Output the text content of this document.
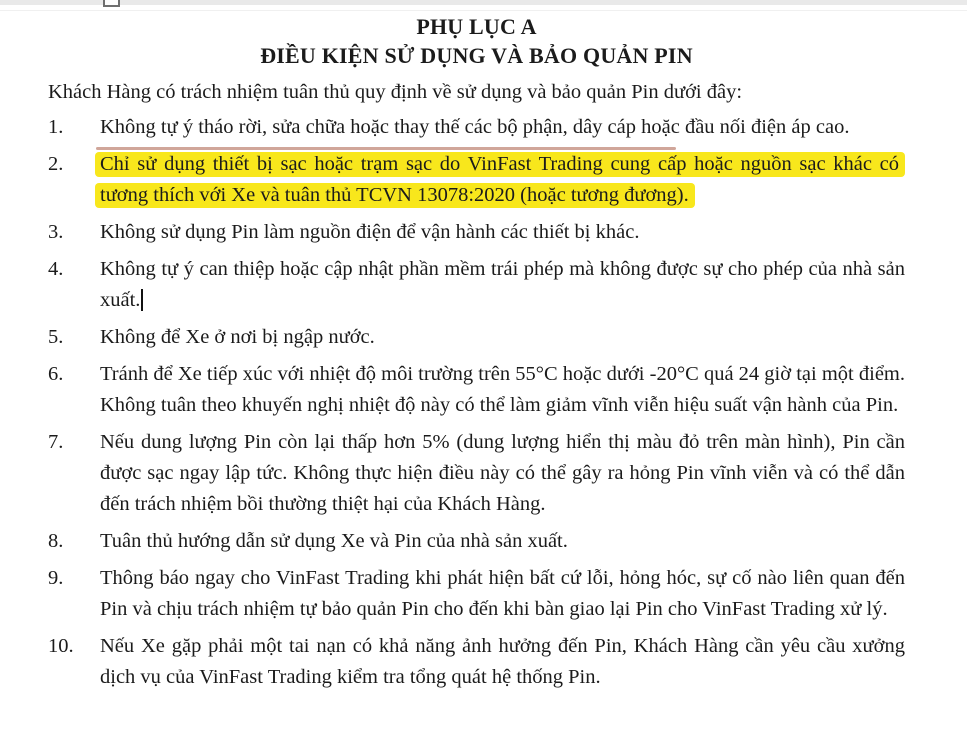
PHỤ LỤC A
ĐIỀU KIỆN SỬ DỤNG VÀ BẢO QUẢN PIN
Khách Hàng có trách nhiệm tuân thủ quy định về sử dụng và bảo quản Pin dưới đây:
1.	Không tự ý tháo rời, sửa chữa hoặc thay thế các bộ phận, dây cáp hoặc đầu nối điện áp cao.
2.	Chỉ sử dụng thiết bị sạc hoặc trạm sạc do VinFast Trading cung cấp hoặc nguồn sạc khác có tương thích với Xe và tuân thủ TCVN 13078:2020 (hoặc tương đương).
3.	Không sử dụng Pin làm nguồn điện để vận hành các thiết bị khác.
4.	Không tự ý can thiệp hoặc cập nhật phần mềm trái phép mà không được sự cho phép của nhà sản xuất.
5.	Không để Xe ở nơi bị ngập nước.
6.	Tránh để Xe tiếp xúc với nhiệt độ môi trường trên 55°C hoặc dưới -20°C quá 24 giờ tại một điểm. Không tuân theo khuyến nghị nhiệt độ này có thể làm giảm vĩnh viễn hiệu suất vận hành của Pin.
7.	Nếu dung lượng Pin còn lại thấp hơn 5% (dung lượng hiển thị màu đỏ trên màn hình), Pin cần được sạc ngay lập tức. Không thực hiện điều này có thể gây ra hỏng Pin vĩnh viễn và có thể dẫn đến trách nhiệm bồi thường thiệt hại của Khách Hàng.
8.	Tuân thủ hướng dẫn sử dụng Xe và Pin của nhà sản xuất.
9.	Thông báo ngay cho VinFast Trading khi phát hiện bất cứ lỗi, hỏng hóc, sự cố nào liên quan đến Pin và chịu trách nhiệm tự bảo quản Pin cho đến khi bàn giao lại Pin cho VinFast Trading xử lý.
10.	Nếu Xe gặp phải một tai nạn có khả năng ảnh hưởng đến Pin, Khách Hàng cần yêu cầu xưởng dịch vụ của VinFast Trading kiểm tra tổng quát hệ thống Pin.
